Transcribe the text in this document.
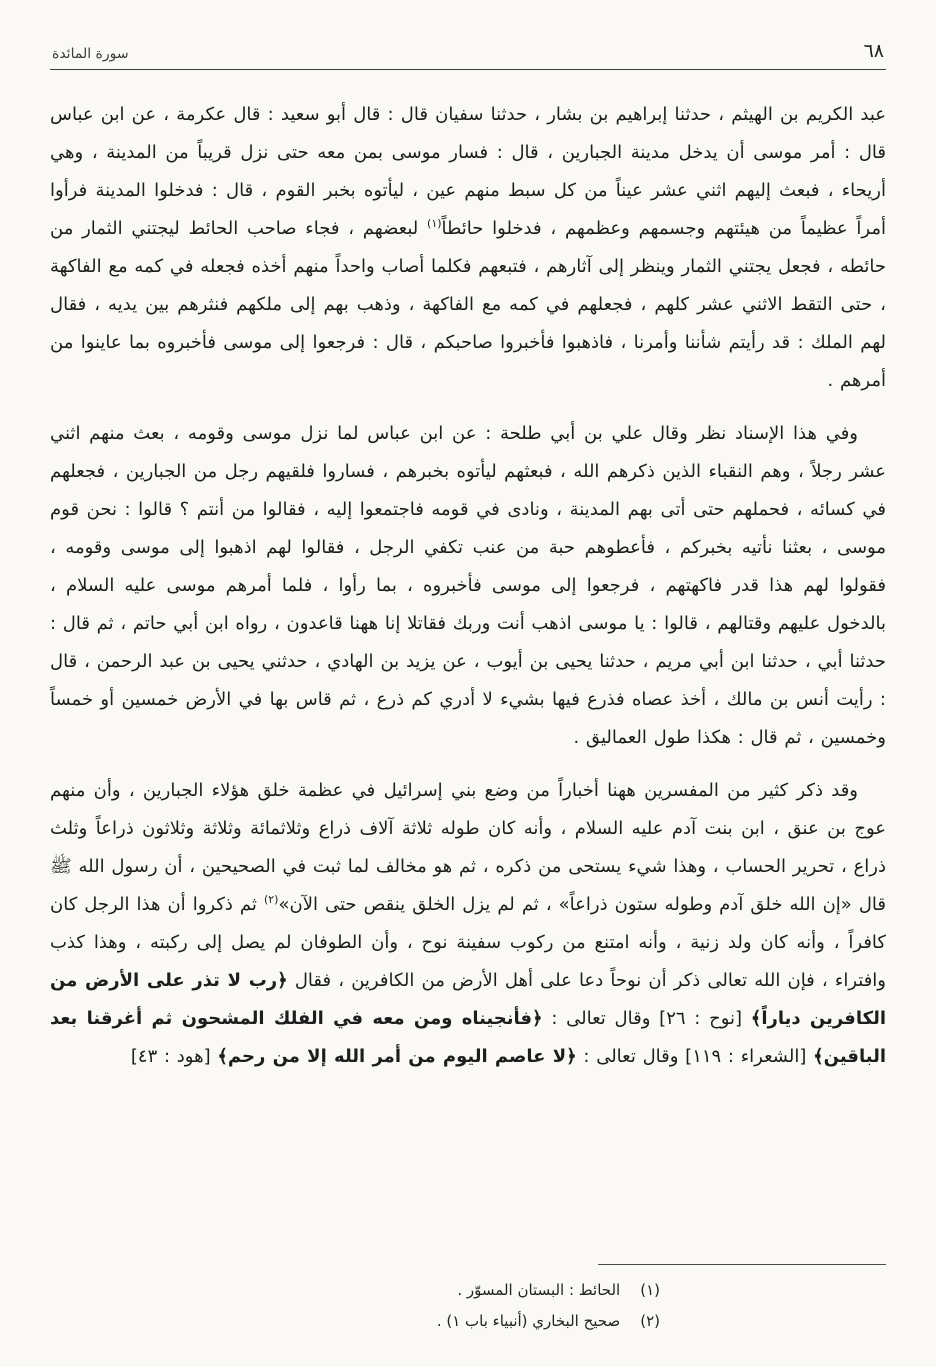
سورة المائدة	٦٨

عبد الكريم بن الهيثم ، حدثنا إبراهيم بن بشار ، حدثنا سفيان قال : قال أبو سعيد : قال عكرمة ، عن ابن عباس قال : أمر موسى أن يدخل مدينة الجبارين ، قال : فسار موسى بمن معه حتى نزل قريباً من المدينة ، وهي أريحاء ، فبعث إليهم اثني عشر عيناً من كل سبط منهم عين ، ليأتوه بخبر القوم ، قال : فدخلوا المدينة فرأوا أمراً عظيماً من هيئتهم وجسمهم وعظمهم ، فدخلوا حائطاً$^{(١)}$ لبعضهم ، فجاء صاحب الحائط ليجتني الثمار من حائطه ، فجعل يجتني الثمار وينظر إلى آثارهم ، فتبعهم فكلما أصاب واحداً منهم أخذه فجعله في كمه مع الفاكهة ، حتى التقط الاثني عشر كلهم ، فجعلهم في كمه مع الفاكهة ، وذهب بهم إلى ملكهم فنثرهم بين يديه ، فقال لهم الملك : قد رأيتم شأننا وأمرنا ، فاذهبوا فأخبروا صاحبكم ، قال : فرجعوا إلى موسى فأخبروه بما عاينوا من أمرهم .

وفي هذا الإسناد نظر وقال علي بن أبي طلحة : عن ابن عباس لما نزل موسى وقومه ، بعث منهم اثني عشر رجلاً ، وهم النقباء الذين ذكرهم الله ، فبعثهم ليأتوه بخبرهم ، فساروا فلقيهم رجل من الجبارين ، فجعلهم في كسائه ، فحملهم حتى أتى بهم المدينة ، ونادى في قومه فاجتمعوا إليه ، فقالوا من أنتم ؟ قالوا : نحن قوم موسى ، بعثنا نأتيه بخبركم ، فأعطوهم حبة من عنب تكفي الرجل ، فقالوا لهم اذهبوا إلى موسى وقومه ، فقولوا لهم هذا قدر فاكهتهم ، فرجعوا إلى موسى فأخبروه ، بما رأوا ، فلما أمرهم موسى عليه السلام ، بالدخول عليهم وقتالهم ، قالوا : يا موسى اذهب أنت وربك فقاتلا إنا ههنا قاعدون ، رواه ابن أبي حاتم ، ثم قال : حدثنا أبي ، حدثنا ابن أبي مريم ، حدثنا يحيى بن أيوب ، عن يزيد بن الهادي ، حدثني يحيى بن عبد الرحمن ، قال : رأيت أنس بن مالك ، أخذ عصاه فذرع فيها بشيء لا أدري كم ذرع ، ثم قاس بها في الأرض خمسين أو خمساً وخمسين ، ثم قال : هكذا طول العماليق .

وقد ذكر كثير من المفسرين ههنا أخباراً من وضع بني إسرائيل في عظمة خلق هؤلاء الجبارين ، وأن منهم عوج بن عنق ، ابن بنت آدم عليه السلام ، وأنه كان طوله ثلاثة آلاف ذراع وثلاثمائة وثلاثة وثلاثون ذراعاً وثلث ذراع ، تحرير الحساب ، وهذا شيء يستحى من ذكره ، ثم هو مخالف لما ثبت في الصحيحين ، أن رسول الله ﷺ قال «إن الله خلق آدم وطوله ستون ذراعاً» ، ثم لم يزل الخلق ينقص حتى الآن»$^{(٢)}$ ثم ذكروا أن هذا الرجل كان كافراً ، وأنه كان ولد زنية ، وأنه امتنع من ركوب سفينة نوح ، وأن الطوفان لم يصل إلى ركبته ، وهذا كذب وافتراء ، فإن الله تعالى ذكر أن نوحاً دعا على أهل الأرض من الكافرين ، فقال ﴿رب لا تذر على الأرض من الكافرين دياراً﴾ [نوح : ٢٦] وقال تعالى : ﴿فأنجيناه ومن معه في الفلك المشحون ثم أغرقنا بعد الباقين﴾ [الشعراء : ١١٩] وقال تعالى : ﴿لا عاصم اليوم من أمر الله إلا من رحم﴾ [هود : ٤٣]

(١)
الحائط : البستان المسوّر .
(٢)
صحيح البخاري (أنبياء باب ١) .
